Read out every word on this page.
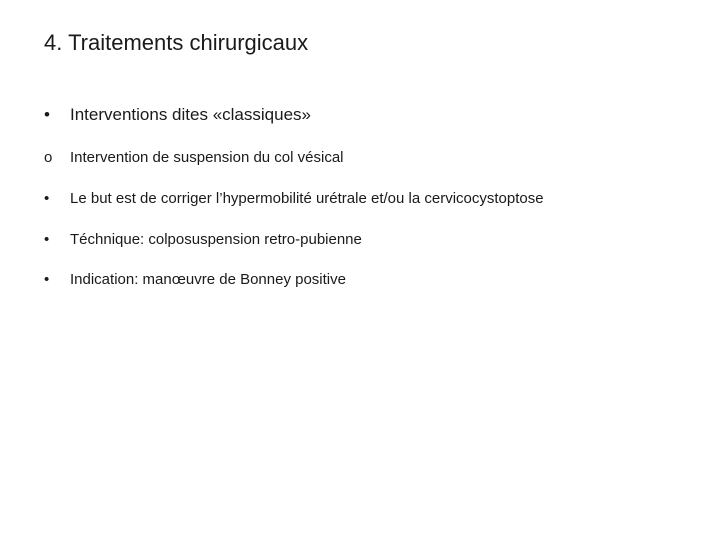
4. Traitements chirurgicaux
•	Interventions dites «classiques»
o	Intervention de suspension du col vésical
•	Le but est de corriger l’hypermobilité urétrale et/ou la cervicocystoptose
•	Téchnique: colposuspension retro-pubienne
•	Indication: manœuvre de Bonney positive
